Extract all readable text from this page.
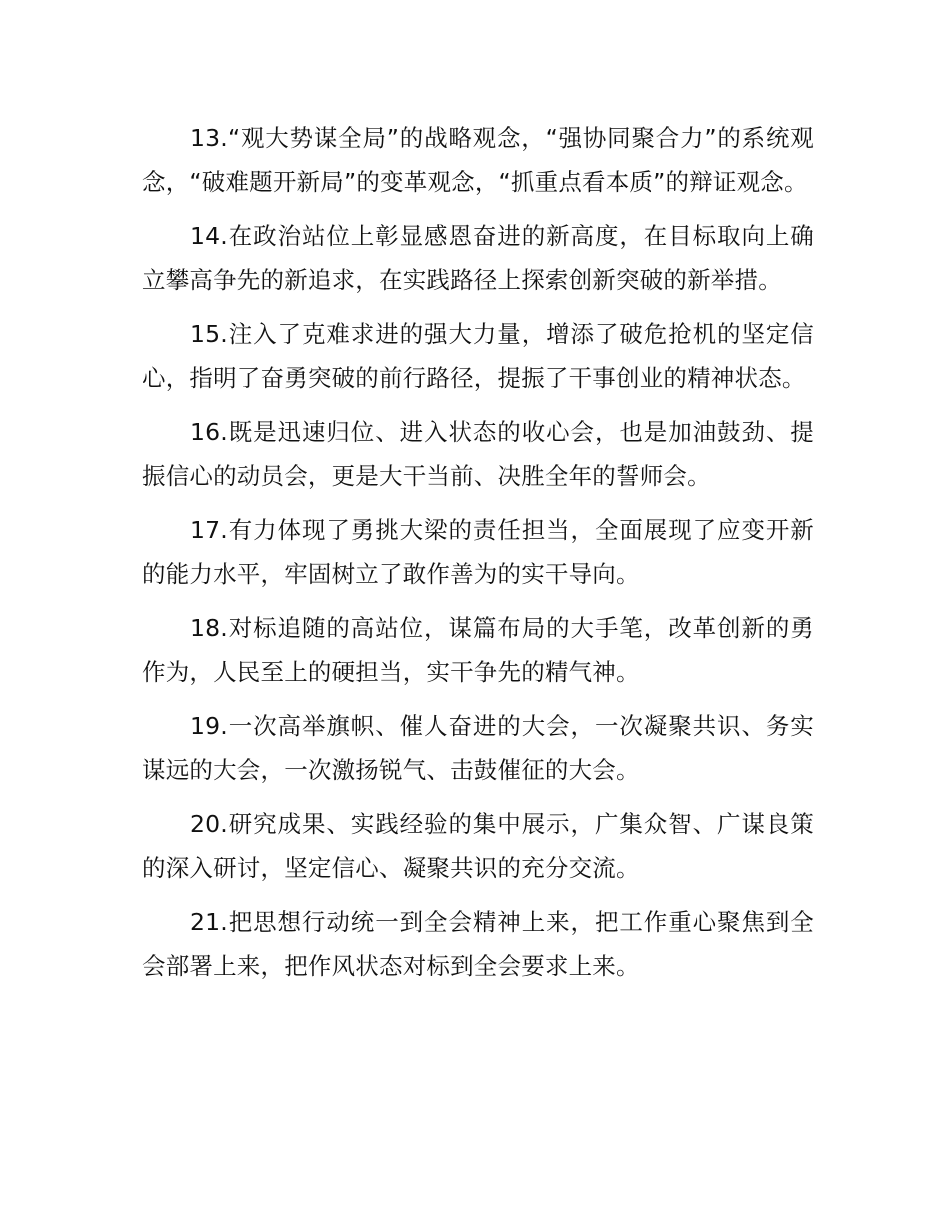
13.“观大势谋全局”的战略观念，“强协同聚合力”的系统观念，“破难题开新局”的变革观念，“抓重点看本质”的辩证观念。

14.在政治站位上彰显感恩奋进的新高度，在目标取向上确立攀高争先的新追求，在实践路径上探索创新突破的新举措。

15.注入了克难求进的强大力量，增添了破危抢机的坚定信心，指明了奋勇突破的前行路径，提振了干事创业的精神状态。

16.既是迅速归位、进入状态的收心会，也是加油鼓劲、提振信心的动员会，更是大干当前、决胜全年的誓师会。

17.有力体现了勇挑大梁的责任担当，全面展现了应变开新的能力水平，牢固树立了敢作善为的实干导向。

18.对标追随的高站位，谋篇布局的大手笔，改革创新的勇作为，人民至上的硬担当，实干争先的精气神。

19.一次高举旗帜、催人奋进的大会，一次凝聚共识、务实谋远的大会，一次激扬锐气、击鼓催征的大会。

20.研究成果、实践经验的集中展示，广集众智、广谋良策的深入研讨，坚定信心、凝聚共识的充分交流。

21.把思想行动统一到全会精神上来，把工作重心聚焦到全会部署上来，把作风状态对标到全会要求上来。
